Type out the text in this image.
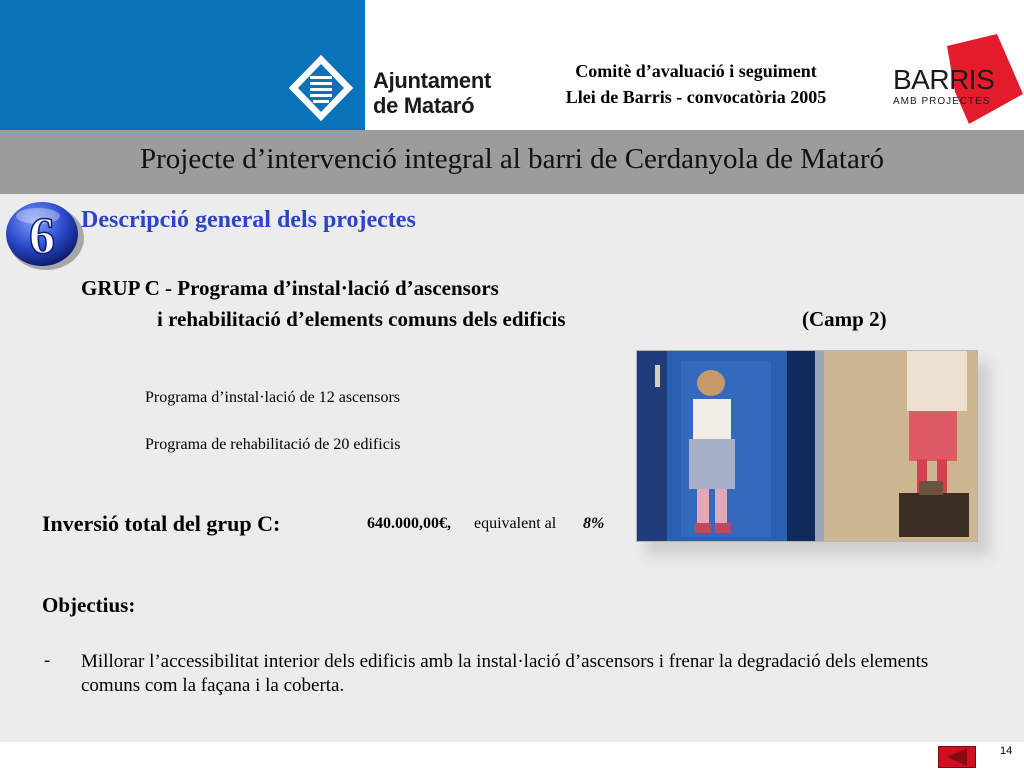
Ajuntament
de Mataró
Comitè d’avaluació i seguiment
Llei de Barris - convocatòria 2005
BARRIS
AMB PROJECTES
Projecte d’intervenció integral al barri de Cerdanyola de Mataró
6 Descripció general dels projectes
GRUP C - Programa d’instal·lació d’ascensors
i rehabilitació d’elements comuns dels edificis	(Camp 2)
Programa d’instal·lació de 12 ascensors
Programa de rehabilitació de 20 edificis
Inversió total del grup C:	640.000,00€, equivalent al 8%
Objectius:
- Millorar l’accessibilitat interior dels edificis amb la instal·lació d’ascensors i frenar la degradació dels elements comuns com la façana i la coberta.
14
